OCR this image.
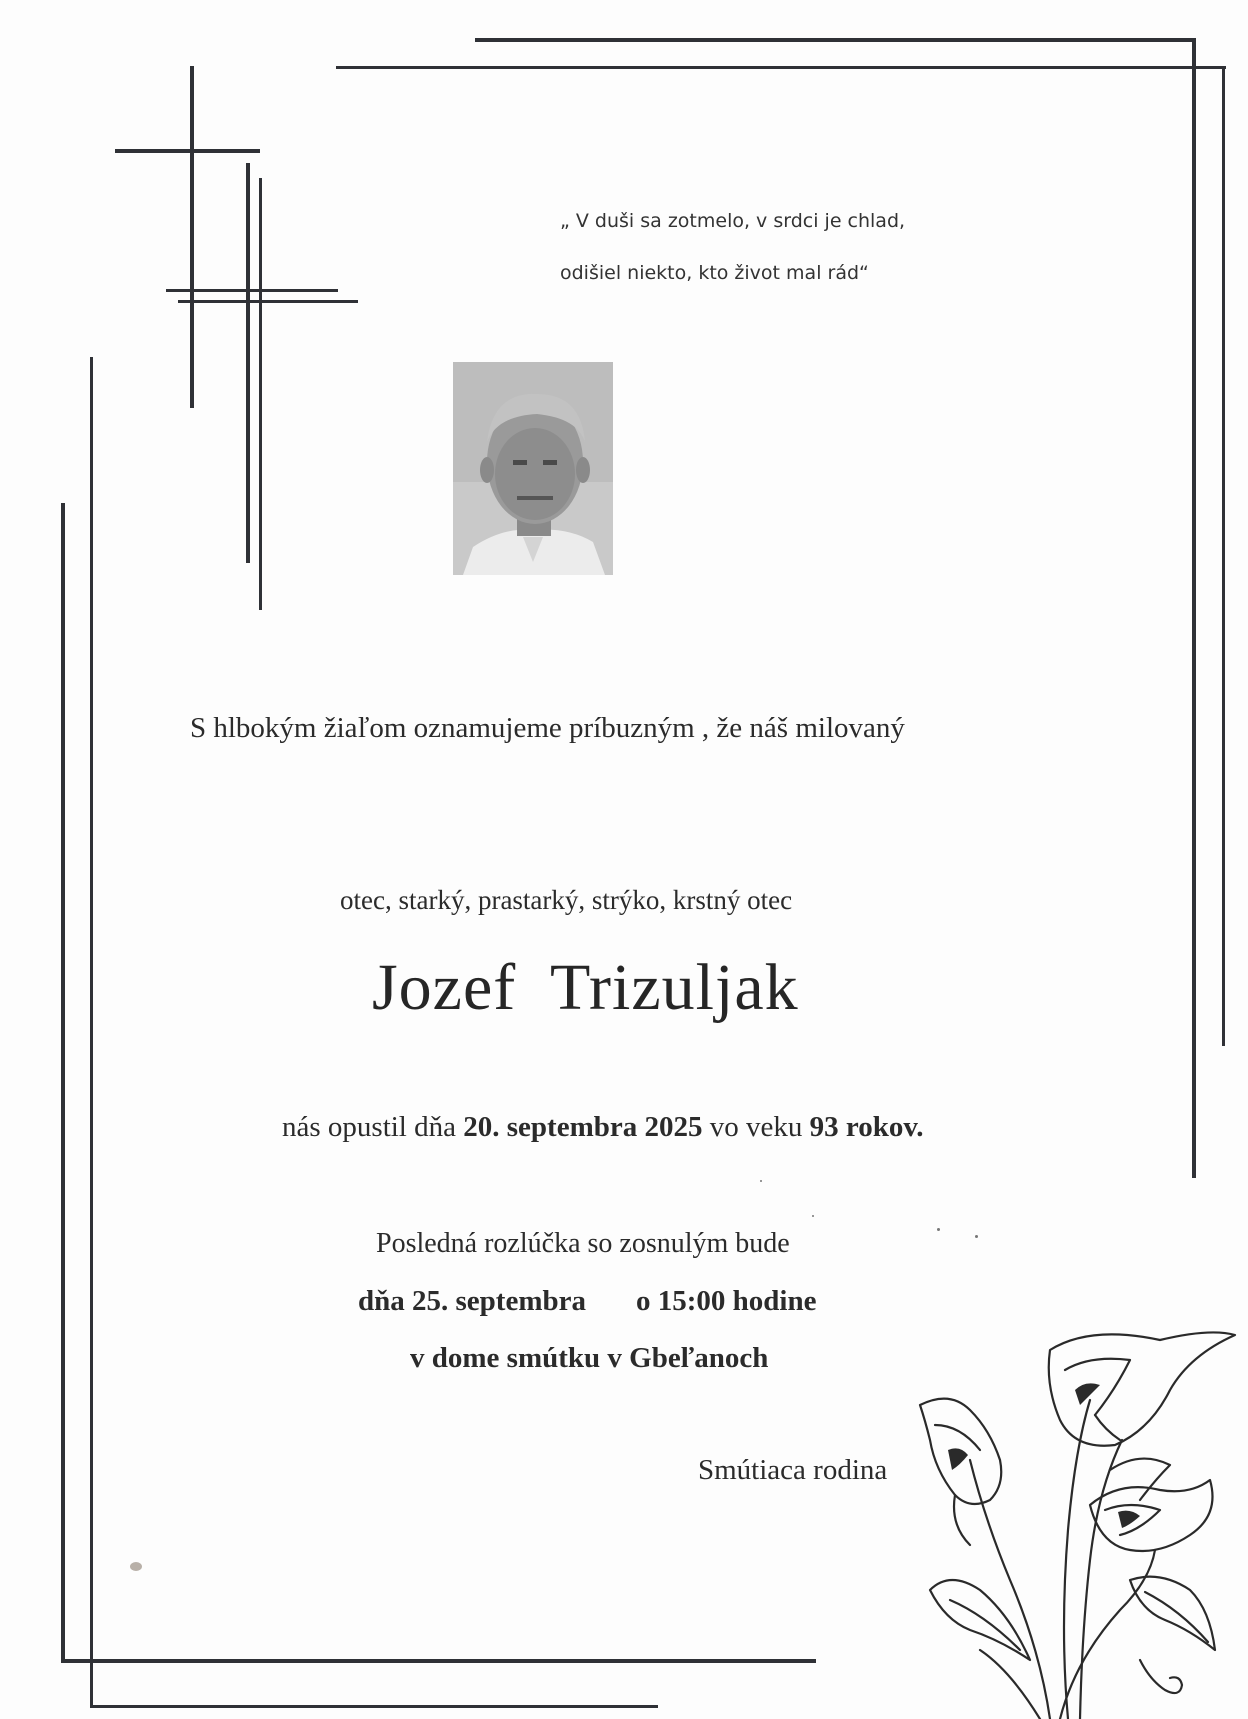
„ V duši sa zotmelo, v srdci je chlad,
odišiel niekto, kto život mal rád“
S hlbokým žiaľom oznamujeme príbuzným , že náš milovaný
otec, starký, prastarký, strýko, krstný otec
Jozef  Trizuljak
nás opustil dňa 20. septembra 2025 vo veku 93 rokov.
Posledná rozlúčka so zosnulým bude
dňa 25. septembra o 15:00 hodine
v dome smútku v Gbeľanoch
Smútiaca rodina
